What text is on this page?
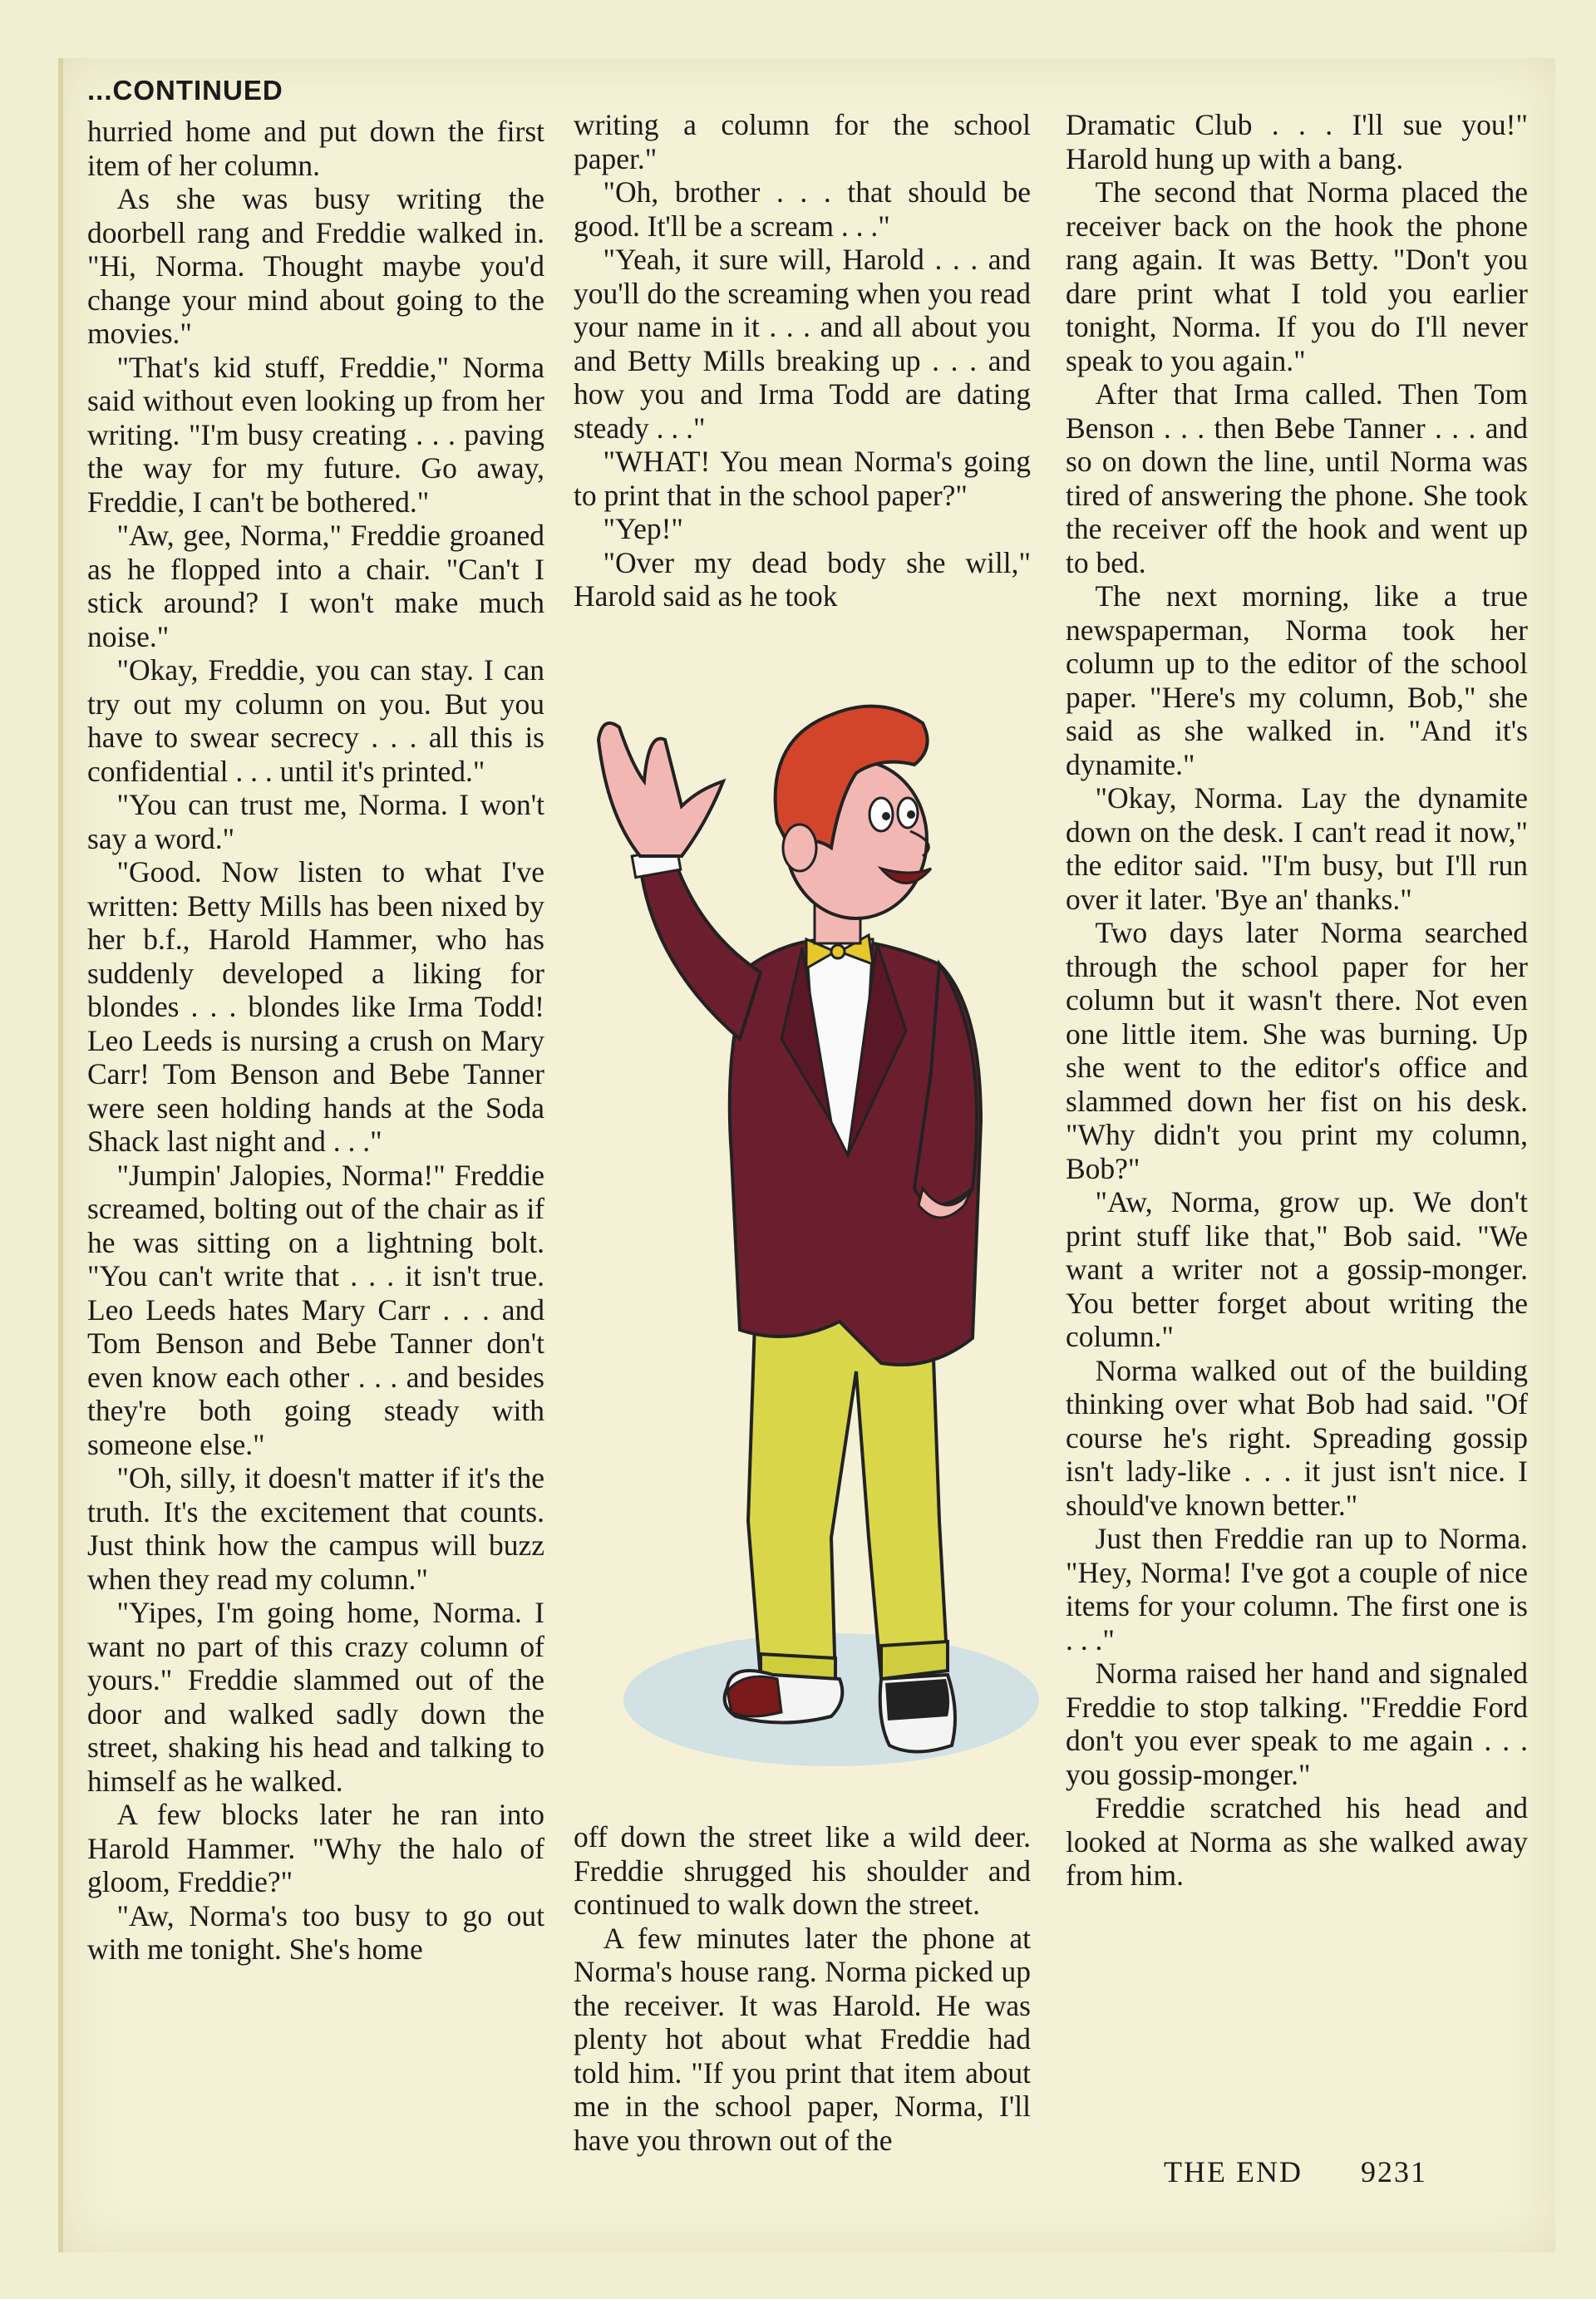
...CONTINUED

hurried home and put down the first item of her column.

As she was busy writing the doorbell rang and Freddie walked in. "Hi, Norma. Thought maybe you'd change your mind about going to the movies."

"That's kid stuff, Freddie," Norma said without even looking up from her writing. "I'm busy creating . . . paving the way for my future. Go away, Freddie, I can't be bothered."

"Aw, gee, Norma," Freddie groaned as he flopped into a chair. "Can't I stick around? I won't make much noise."

"Okay, Freddie, you can stay. I can try out my column on you. But you have to swear secrecy . . . all this is confidential . . . until it's printed."

"You can trust me, Norma. I won't say a word."

"Good. Now listen to what I've written: Betty Mills has been nixed by her b.f., Harold Hammer, who has suddenly developed a liking for blondes . . . blondes like Irma Todd! Leo Leeds is nursing a crush on Mary Carr! Tom Benson and Bebe Tanner were seen holding hands at the Soda Shack last night and . . ."

"Jumpin' Jalopies, Norma!" Freddie screamed, bolting out of the chair as if he was sitting on a lightning bolt. "You can't write that . . . it isn't true. Leo Leeds hates Mary Carr . . . and Tom Benson and Bebe Tanner don't even know each other . . . and besides they're both going steady with someone else."

"Oh, silly, it doesn't matter if it's the truth. It's the excitement that counts. Just think how the campus will buzz when they read my column."

"Yipes, I'm going home, Norma. I want no part of this crazy column of yours." Freddie slammed out of the door and walked sadly down the street, shaking his head and talking to himself as he walked.

A few blocks later he ran into Harold Hammer. "Why the halo of gloom, Freddie?"

"Aw, Norma's too busy to go out with me tonight. She's home

writing a column for the school paper."

"Oh, brother . . . that should be good. It'll be a scream . . ."

"Yeah, it sure will, Harold . . . and you'll do the screaming when you read your name in it . . . and all about you and Betty Mills breaking up . . . and how you and Irma Todd are dating steady . . ."

"WHAT! You mean Norma's going to print that in the school paper?"

"Yep!"

"Over my dead body she will," Harold said as he took

off down the street like a wild deer. Freddie shrugged his shoulder and continued to walk down the street.

A few minutes later the phone at Norma's house rang. Norma picked up the receiver. It was Harold. He was plenty hot about what Freddie had told him. "If you print that item about me in the school paper, Norma, I'll have you thrown out of the

Dramatic Club . . . I'll sue you!" Harold hung up with a bang.

The second that Norma placed the receiver back on the hook the phone rang again. It was Betty. "Don't you dare print what I told you earlier tonight, Norma. If you do I'll never speak to you again."

After that Irma called. Then Tom Benson . . . then Bebe Tanner . . . and so on down the line, until Norma was tired of answering the phone. She took the receiver off the hook and went up to bed.

The next morning, like a true newspaperman, Norma took her column up to the editor of the school paper. "Here's my column, Bob," she said as she walked in. "And it's dynamite."

"Okay, Norma. Lay the dynamite down on the desk. I can't read it now," the editor said. "I'm busy, but I'll run over it later. 'Bye an' thanks."

Two days later Norma searched through the school paper for her column but it wasn't there. Not even one little item. She was burning. Up she went to the editor's office and slammed down her fist on his desk. "Why didn't you print my column, Bob?"

"Aw, Norma, grow up. We don't print stuff like that," Bob said. "We want a writer not a gossip-monger. You better forget about writing the column."

Norma walked out of the building thinking over what Bob had said. "Of course he's right. Spreading gossip isn't lady-like . . . it just isn't nice. I should've known better."

Just then Freddie ran up to Norma. "Hey, Norma! I've got a couple of nice items for your column. The first one is . . ."

Norma raised her hand and signaled Freddie to stop talking. "Freddie Ford don't you ever speak to me again . . . you gossip-monger."

Freddie scratched his head and looked at Norma as she walked away from him.

THE END 9231
